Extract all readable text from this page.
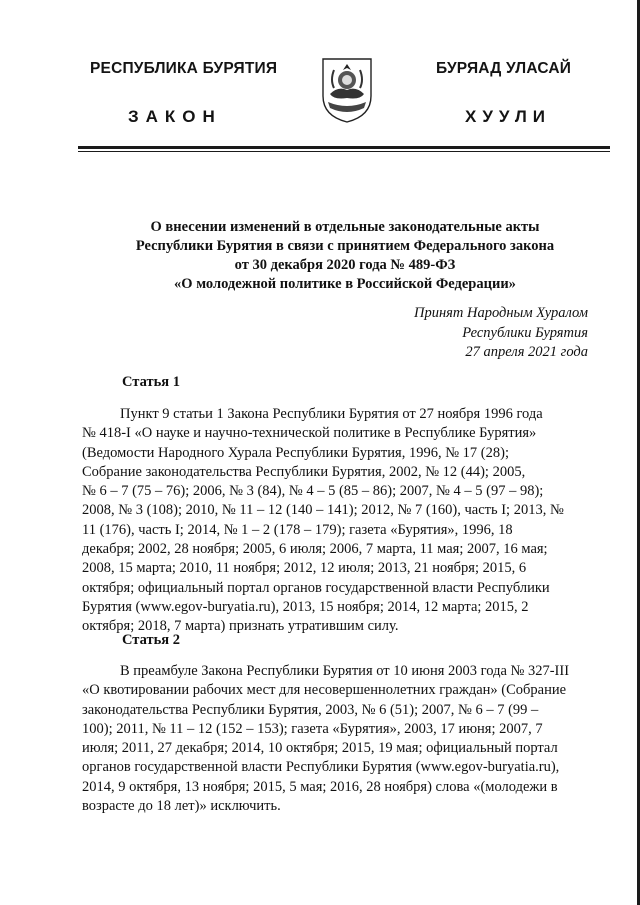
РЕСПУБЛИКА БУРЯТИЯ	БУРЯАД УЛАСАЙ
ЗАКОН	ХУУЛИ
О внесении изменений в отдельные законодательные акты
Республики Бурятия в связи с принятием Федерального закона
от 30 декабря 2020 года № 489-ФЗ
«О молодежной политике в Российской Федерации»
Принят Народным Хуралом
Республики Бурятия
27 апреля 2021 года
Статья 1
Пункт 9 статьи 1 Закона Республики Бурятия от 27 ноября 1996 года
№ 418-I «О науке и научно-технической политике в Республике Бурятия»
(Ведомости Народного Хурала Республики Бурятия, 1996, № 17 (28);
Собрание законодательства Республики Бурятия, 2002, № 12 (44); 2005,
№ 6 – 7 (75 – 76); 2006, № 3 (84), № 4 – 5 (85 – 86); 2007, № 4 – 5 (97 – 98);
2008, № 3 (108); 2010, № 11 – 12 (140 – 141); 2012, № 7 (160), часть I; 2013, №
11 (176), часть I; 2014, № 1 – 2 (178 – 179); газета «Бурятия», 1996, 18
декабря; 2002, 28 ноября; 2005, 6 июля; 2006, 7 марта, 11 мая; 2007, 16 мая;
2008, 15 марта; 2010, 11 ноября; 2012, 12 июля; 2013, 21 ноября; 2015, 6
октября; официальный портал органов государственной власти Республики
Бурятия (www.egov-buryatia.ru), 2013, 15 ноября; 2014, 12 марта; 2015, 2
октября; 2018, 7 марта) признать утратившим силу.
Статья 2
В преамбуле Закона Республики Бурятия от 10 июня 2003 года № 327-III
«О квотировании рабочих мест для несовершеннолетних граждан» (Собрание
законодательства Республики Бурятия, 2003, № 6 (51); 2007, № 6 – 7 (99 –
100); 2011, № 11 – 12 (152 – 153); газета «Бурятия», 2003, 17 июня; 2007, 7
июля; 2011, 27 декабря; 2014, 10 октября; 2015, 19 мая; официальный портал
органов государственной власти Республики Бурятия (www.egov-buryatia.ru),
2014, 9 октября, 13 ноября; 2015, 5 мая; 2016, 28 ноября) слова «(молодежи в
возрасте до 18 лет)» исключить.
